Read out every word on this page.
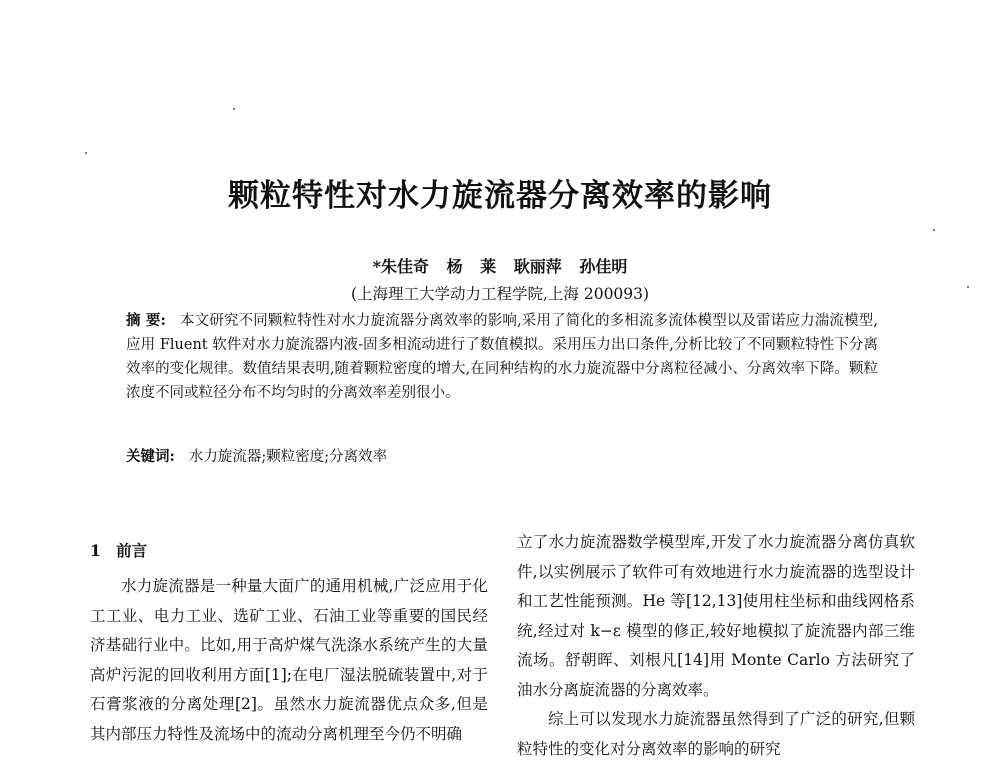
颗粒特性对水力旋流器分离效率的影响
*朱佳奇 杨 莱 耿丽萍 孙佳明
(上海理工大学动力工程学院,上海 200093)

摘 要: 本文研究不同颗粒特性对水力旋流器分离效率的影响,采用了简化的多相流多流体模型以及雷诺应力湍流模型,应用 Fluent 软件对水力旋流器内液-固多相流动进行了数值模拟。采用压力出口条件,分析比较了不同颗粒特性下分离效率的变化规律。数值结果表明,随着颗粒密度的增大,在同种结构的水力旋流器中分离粒径减小、分离效率下降。颗粒浓度不同或粒径分布不均匀时的分离效率差别很小。

关键词: 水力旋流器;颗粒密度;分离效率
1 前言

水力旋流器是一种量大面广的通用机械,广泛应用于化工工业、电力工业、选矿工业、石油工业等重要的国民经济基础行业中。比如,用于高炉煤气洗涤水系统产生的大量高炉污泥的回收利用方面[1];在电厂湿法脱硫装置中,对于石膏浆液的分离处理[2]。虽然水力旋流器优点众多,但是其内部压力特性及流场中的流动分离机理至今仍不明确

立了水力旋流器数学模型库,开发了水力旋流器分离仿真软件,以实例展示了软件可有效地进行水力旋流器的选型设计和工艺性能预测。He 等[12,13]使用柱坐标和曲线网格系统,经过对 k−ε 模型的修正,较好地模拟了旋流器内部三维流场。舒朝晖、刘根凡[14]用 Monte Carlo 方法研究了油水分离旋流器的分离效率。

综上可以发现水力旋流器虽然得到了广泛的研究,但颗粒特性的变化对分离效率的影响的研究
